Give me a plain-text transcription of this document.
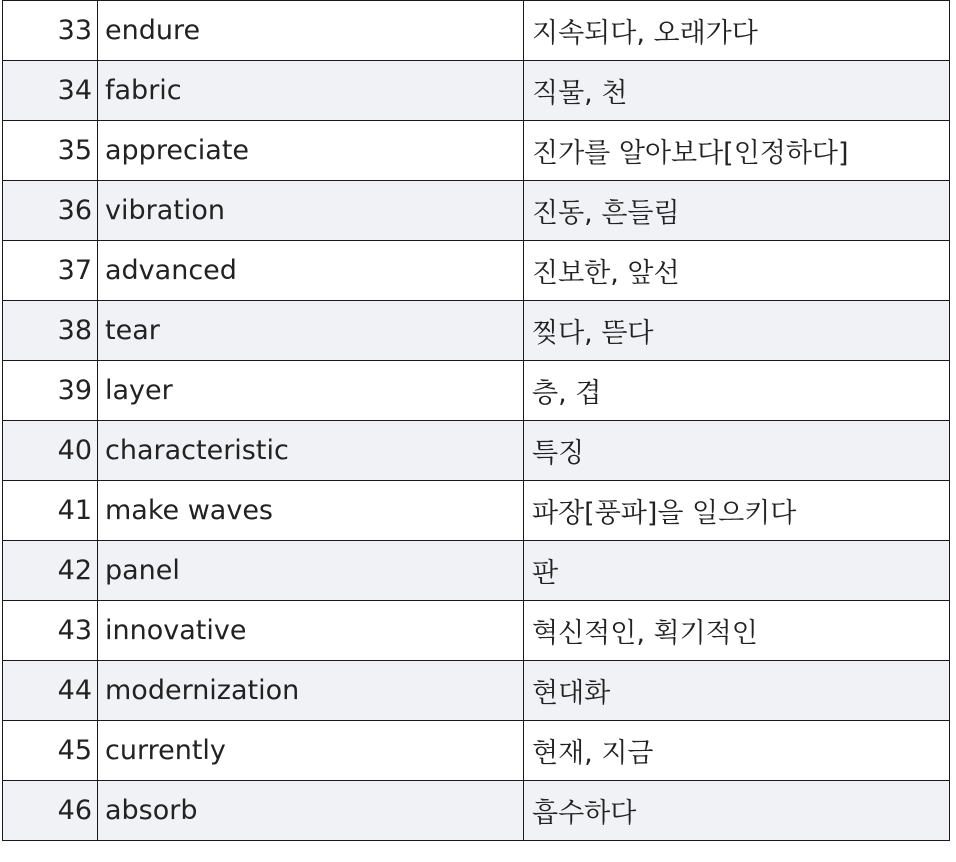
33	endure	지속되다, 오래가다
34	fabric	직물, 천
35	appreciate	진가를 알아보다[인정하다]
36	vibration	진동, 흔들림
37	advanced	진보한, 앞선
38	tear	찢다, 뜯다
39	layer	층, 겹
40	characteristic	특징
41	make waves	파장[풍파]을 일으키다
42	panel	판
43	innovative	혁신적인, 획기적인
44	modernization	현대화
45	currently	현재, 지금
46	absorb	흡수하다
